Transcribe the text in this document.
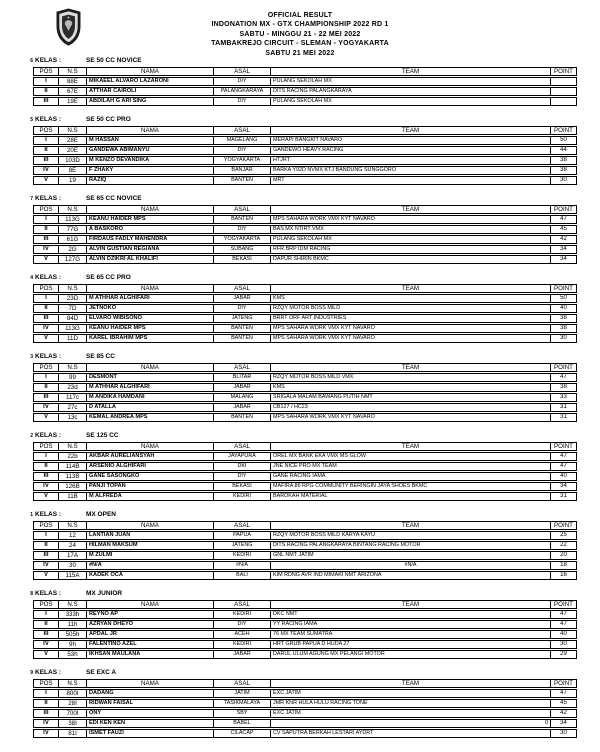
OFFICIAL RESULT
INDONATION MX - GTX CHAMPIONSHIP 2022 RD 1
SABTU - MINGGU 21 - 22 MEI 2022
TAMBAKREJO CIRCUIT - SLEMAN - YOGYAKARTA
SABTU 21 MEI 2022
6 KELAS :	SE 50 CC NOVICE
POS	N.S	NAMA	ASAL	TEAM	POINT
I	88E	MIKAEEL ALVARO LAZARONI	DIY	PULANG SEKOLAH MX	
II	67E	ATTHAR CAIROLI	PALANGKARAYA	DITS RACING PALANGKARAYA	
III	19E	ABDILAH G ARI SING	DIY	PULANG SEKOLAH MX	
5 KELAS :	SE 50 CC PRO
POS	N.S	NAMA	ASAL	TEAM	POINT
I	28E	M HASSAN	MAGELANG	MERAPI BANGKIT NAVARO	50
II	20E	GANDEWA ABIMANYU	DIY	GANDEWO HEAVY RACING	44
III	103D	M KENZO DEVANDIKA	YOGYAKARTA	HTJRT	38
IV	8E	F ZHAKY	BANJAR	BARKA Y92D NVMX KTJ BANDUNG SUNGGORO	38
V	19	RAZIQ	BANTEN	MRT	30
7 KELAS :	SE 65 CC NOVICE
POS	N.S	NAMA	ASAL	TEAM	POINT
I	113G	KEANU HAIDER MPS	BANTEN	MPS SAHARA WORK VMX KYT NAVARO	47
II	77G	A BASKORO	DIY	BAS MX NTIRT VMX	45
III	61G	FIRDAUS FADLY MAHENDRA	YOGYAKARTA	PULANG SEKOLAH MX	42
IV	2G	ALVIN GUSTIAN REGIANA	SUBANG	RFR BRP IDM RACING	34
V	127G	ALVIN DZIKRI AL KHALIFI	BEKASI	DAPUR SHIRIN BKMC	34
4 KELAS :	SE 65 CC PRO
POS	N.S	NAMA	ASAL	TEAM	POINT
I	23D	M ATHHAR ALGHIFARI	JABAR	KMS	50
II	7D	JETNOKO	DIY	RZQY MOTOR BOSS MILD	40
III	84D	ELVARO WIBISONO	JATENG	BRRT ORF ART INDUSTRIES	38
IV	113G	KEANU HAIDER MPS	BANTEN	MPS SAHARA WORK VMX KYT NAVARO	38
V	11D	KAREL IBRAHIM MPS	BANTEN	MPS SAHARA WORK VMX KYT NAVARO	30
3 KELAS :	SE 85 CC
POS	N.S	NAMA	ASAL	TEAM	POINT
I	99	DESMONT	BLITAR	RZQY MOTOR BOSS MILD VMX	47
II	23d	M ATHHAR ALGHIFARI	JABAR	KMS	38
III	117c	M ANDIKA HAMDANI	MALANG	SRIGALA MALAM BAWANG PUTIH NMT	33
IV	27c	D ATALLA	JABAR	CB127 / HC23	31
V	13c	KEMAL ANDREA MPS	BANTEN	MPS SAHARA WORK VMX KYT NAVARO	31
2 KELAS :	SE 125 CC
POS	N.S	NAMA	ASAL	TEAM	POINT
I	22b	AKBAR AURELIANSYAH	JAYAPURA	OREL MX BANK EKA VMX MS GLOW	47
II	114B	ARSENIO ALGHIFARI	DKI	JNE NICE PRO MX TEAM	47
III	113B	GANE SASONGKO	DIY	GANE RACING IAMA	40
IV	126B	PANJI TOPAN	BEKASI	MAFIRA 86 RPG COMMUNITY BERINGIN JAYA SHOES BKMC	34
V	11B	M ALFREDA	KEDIRI	BAROKAH MATERIAL	31
1 KELAS :	MX OPEN
POS	N.S	NAMA	ASAL	TEAM	POINT
I	12	LANTIAN JUAN	PAPUA	RZQY MOTOR BOSS MILD KARYA KAYU	25
II	24	HILMAN MAKSUM	JATENG	DITS RACING PALANGKARAYA BINTANG RACING MOTOR	22
III	17A	M ZULMI	KEDIRI	GNL NMT JATIM	20
IV	30	#N/A	#N/A	#N/A	18
V	115A	KADEK OCA	BALI	KIM RDNG AVR IND MIMAKI NMT ARIZONA	16
8 KELAS :	MX JUNIOR
POS	N.S	NAMA	ASAL	TEAM	POINT
I	333h	REYNO AP	KEDIRI	DKC NMT	47
II	11h	AZRYAN DHEYO	DIY	YY RACING IAMA	47
III	505h	APDAL JR	ACEH	76 MX TEAM SUMATRA	40
IV	9h	FALENTINO AZEL	KEDIRI	HRT GRUB PAPUA D HUDA 27	30
V	53h	IKHSAN MAULANA	JABAR	DARUL ULUM AGUNG MX PELANGI MOTOR	29
9 KELAS :	SE EXC A
POS	N.S	NAMA	ASAL	TEAM	POINT
I	800I	DADANG	JATIM	EXC JATIM	47
II	28I	RIDWAN FAISAL	TASIKMALAYA	JMR KNR HULA HULU RACING TONE	45
III	700I	ONY	SBY	EXC JATIM	42
IV	38I	EDI KEN KEN	BABEL	0	34
IV	81I	ISMET FAUZI	CILACAP	CV SAPUTRA BERKAH LESTARI AYDRT	30
